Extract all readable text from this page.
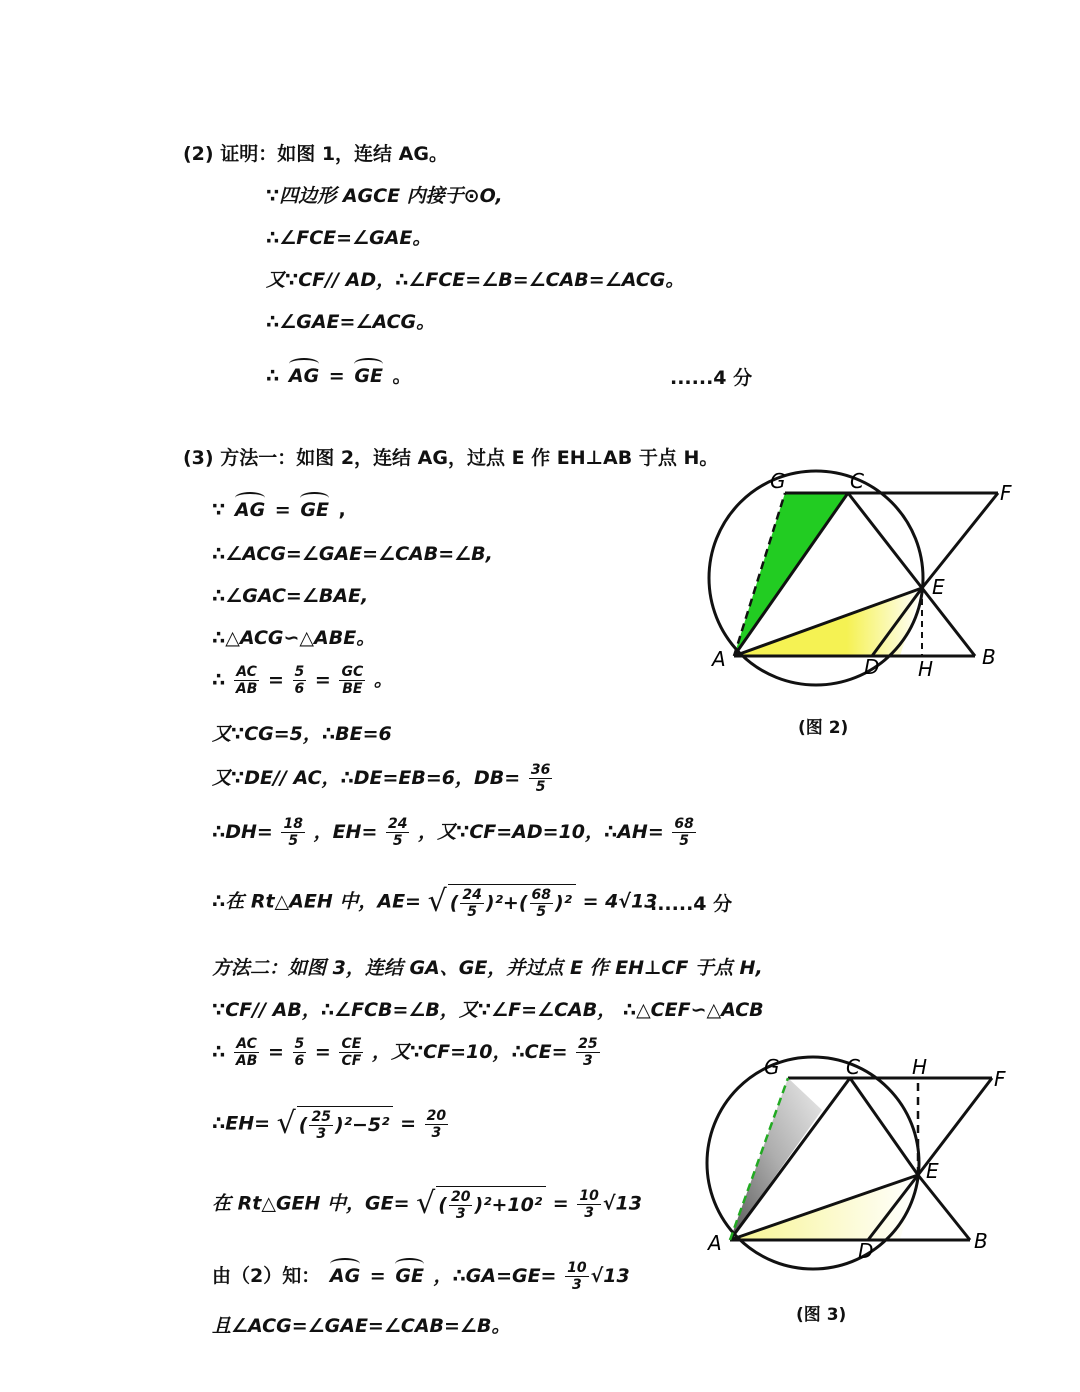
(2) 证明：如图 1，连结 AG。
∵四边形 AGCE 内接于⊙O,
∴∠FCE=∠GAE。
又∵CF// AD，∴∠FCE=∠B=∠CAB=∠ACG。
∴∠GAE=∠ACG。
∴ AG = GE 。	......4 分
(3) 方法一：如图 2，连结 AG，过点 E 作 EH⊥AB 于点 H。
∵ AG = GE ,
∴∠ACG=∠GAE=∠CAB=∠B,
∴∠GAC=∠BAE,
∴△ACG∽△ABE。
∴ $\frac{AC}{AB} = \frac{5}{6} = \frac{GC}{BE}$ 。
又∵CG=5，∴BE=6
又∵DE// AC，∴DE=EB=6，$DB= \frac{36}{5}$
∴DH= $\frac{18}{5}$ ，$EH= \frac{24}{5}$ ，又∵CF=AD=10，∴AH= $\frac{68}{5}$
∴在 Rt△AEH 中，AE= √ ( $\frac{24}{5} )^2+( \frac{68}{5} )^2 = 4√13$
......4 分
方法二：如图 3，连结 GA、GE，并过点 E 作 EH⊥CF 于点 H,
∵CF// AB，∴∠FCB=∠B，又∵∠F=∠CAB， ∴△CEF∽△ACB
∴ $\frac{AC}{AB} = \frac{5}{6} = \frac{CE}{CF}$ ，又∵CF=10，∴CE= $\frac{25}{3}$
∴EH= √ ( $\frac{25}{3} )^2-5^2 = \frac{20}{3}$
在 Rt△GEH 中，GE= √ ( $\frac{20}{3} )^2+10^2 = \frac{10}{3} √13$
由（2）知： AG = GE ，∴GA=GE= $\frac{10}{3} √13$
且∠ACG=∠GAE=∠CAB=∠B。
G	C	F
E
A	D H B
(图 2)
G	C	H	F
E
A	D	B
(图 3)
